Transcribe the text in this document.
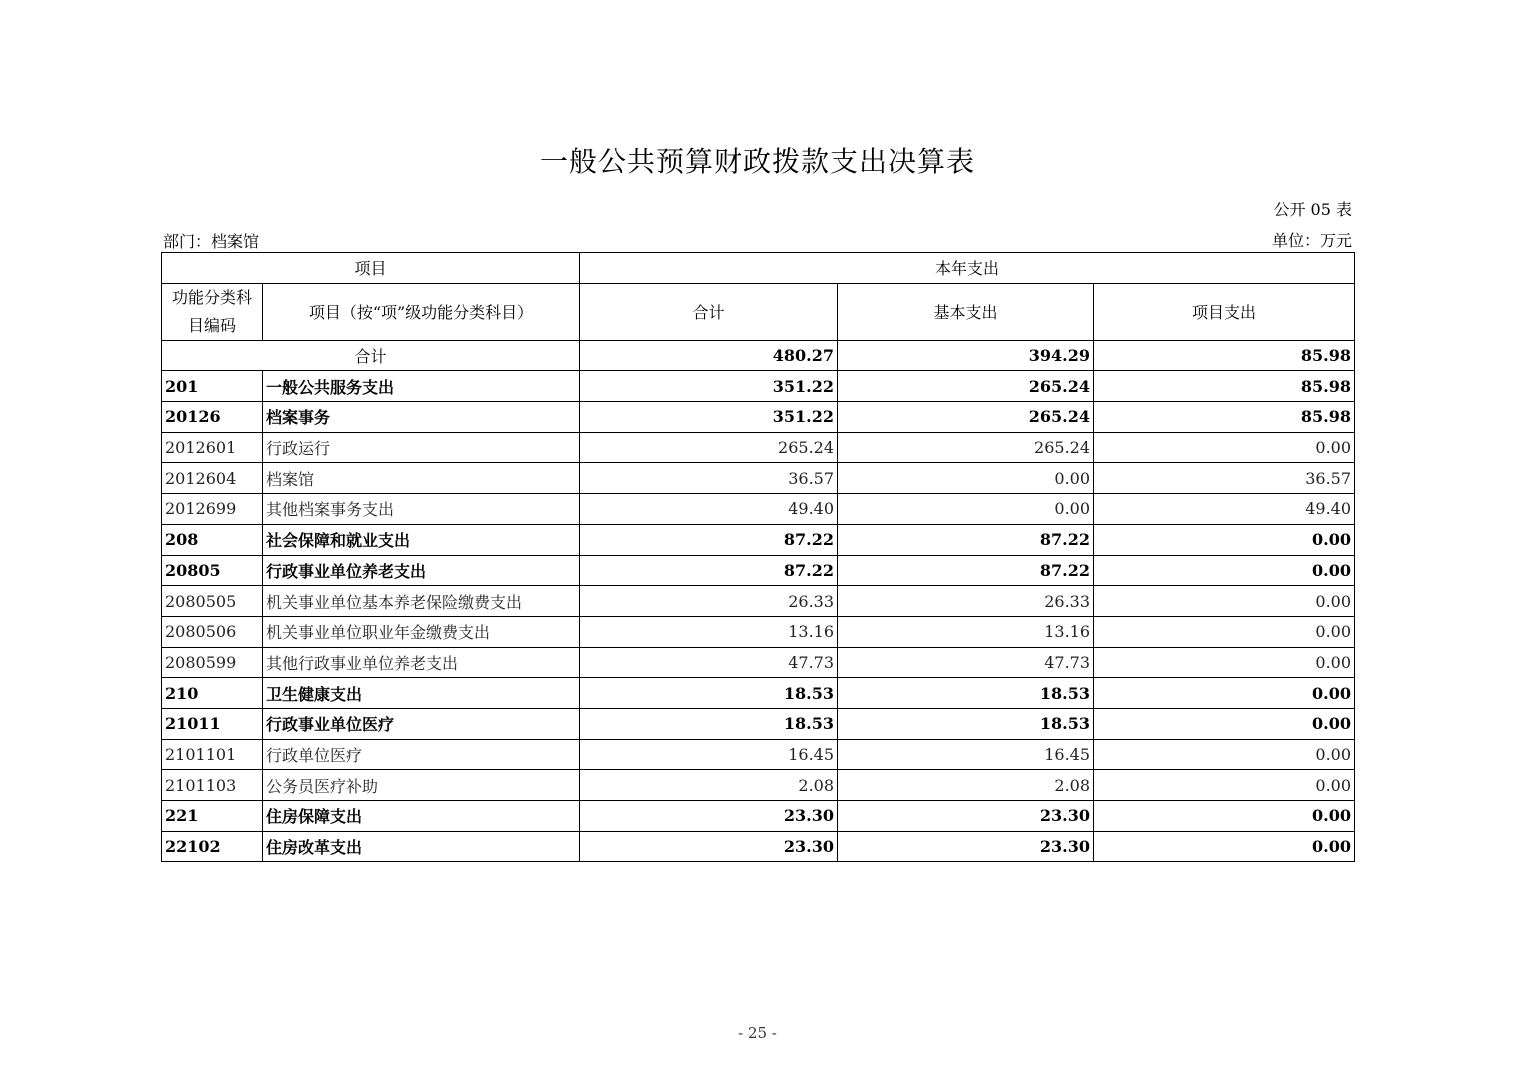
一般公共预算财政拨款支出决算表
公开 05 表
部门：档案馆	单位：万元
项目		本年支出		
功能分类科目编码	项目（按“项”级功能分类科目）	合计	基本支出	项目支出
合计		480.27	394.29	85.98
201	一般公共服务支出	351.22	265.24	85.98
20126	档案事务	351.22	265.24	85.98
2012601	行政运行	265.24	265.24	0.00
2012604	档案馆	36.57	0.00	36.57
2012699	其他档案事务支出	49.40	0.00	49.40
208	社会保障和就业支出	87.22	87.22	0.00
20805	行政事业单位养老支出	87.22	87.22	0.00
2080505	机关事业单位基本养老保险缴费支出	26.33	26.33	0.00
2080506	机关事业单位职业年金缴费支出	13.16	13.16	0.00
2080599	其他行政事业单位养老支出	47.73	47.73	0.00
210	卫生健康支出	18.53	18.53	0.00
21011	行政事业单位医疗	18.53	18.53	0.00
2101101	行政单位医疗	16.45	16.45	0.00
2101103	公务员医疗补助	2.08	2.08	0.00
221	住房保障支出	23.30	23.30	0.00
22102	住房改革支出	23.30	23.30	0.00
- 25 -
